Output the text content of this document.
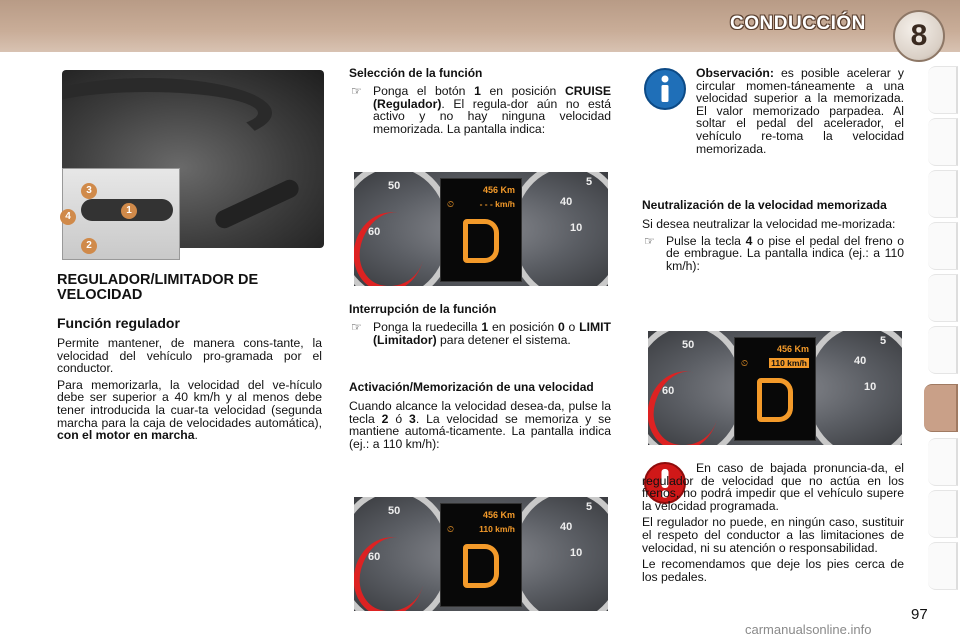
CONDUCCIÓN	8
3
1
4
2
REGULADOR/LIMITADOR DE VELOCIDAD
Función regulador
Permite mantener, de manera cons-tante, la velocidad del vehículo pro-gramada por el conductor.
Para memorizarla, la velocidad del ve-hículo debe ser superior a 40 km/h y al menos debe tener introducida la cuar-ta velocidad (segunda marcha para la caja de velocidades automática), con el motor en marcha.
Selección de la función
☞ Ponga el botón 1 en posición CRUISE (Regulador). El regula-dor aún no está activo y no hay ninguna velocidad memorizada. La pantalla indica:
Interrupción de la función
☞ Ponga la ruedecilla 1 en posición 0 o LIMIT (Limitador) para detener el sistema.
Activación/Memorización de una velocidad
Cuando alcance la velocidad desea-da, pulse la tecla 2 ó 3. La velocidad se memoriza y se mantiene automá-ticamente. La pantalla indica (ej.: a 110 km/h):
50
60
5
40
10
456 Km
⏲	- - - km/h
50
60
5
40
10
456 Km
⏲	110 km/h
50
60
5
40
10
456 Km
⏲	110 km/h
Observación: es posible acelerar y circular momen-táneamente a una velocidad superior a la memorizada. El valor memorizado parpadea. Al soltar el pedal del acelerador, el vehículo re-toma la velocidad memorizada.
Neutralización de la velocidad memorizada
Si desea neutralizar la velocidad me-morizada:
☞ Pulse la tecla 4 o pise el pedal del freno o de embrague. La pantalla indica (ej.: a 110 km/h):
En caso de bajada pronuncia-da, el regulador de velocidad que no actúa en los frenos, no podrá impedir que el vehículo supere la velocidad programada.
El regulador no puede, en ningún caso, sustituir el respeto del conductor a las limitaciones de velocidad, ni su atención o responsabilidad.
Le recomendamos que deje los pies cerca de los pedales.
97
carmanualsonline.info
